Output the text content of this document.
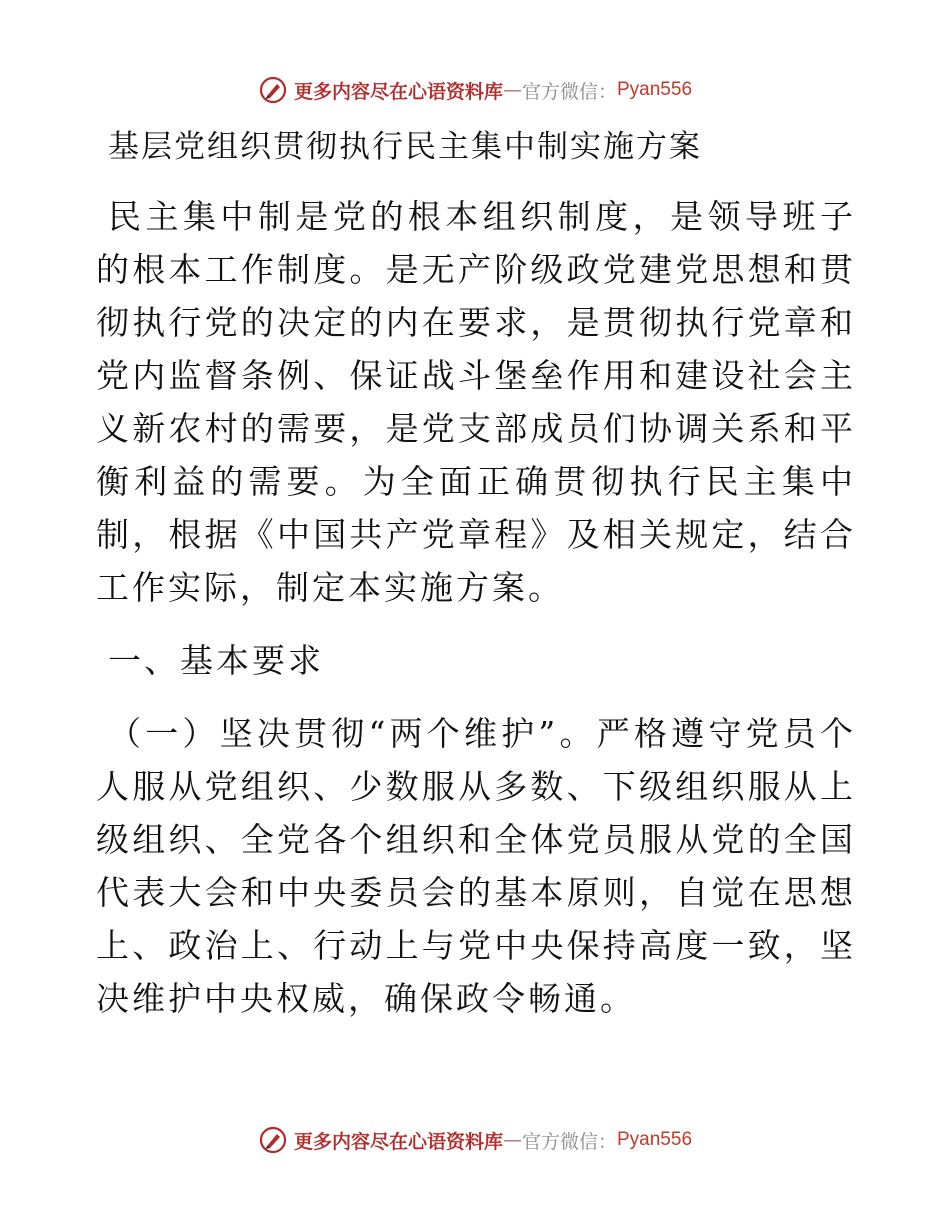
更多内容尽在心语资料库 — 官方微信： Pyan556
基层党组织贯彻执行民主集中制实施方案

民主集中制是党的根本组织制度，是领导班子的根本工作制度。是无产阶级政党建党思想和贯彻执行党的决定的内在要求，是贯彻执行党章和党内监督条例、保证战斗堡垒作用和建设社会主义新农村的需要，是党支部成员们协调关系和平衡利益的需要。为全面正确贯彻执行民主集中制，根据《中国共产党章程》及相关规定，结合工作实际，制定本实施方案。

一、基本要求

（一）坚决贯彻“两个维护”。严格遵守党员个人服从党组织、少数服从多数、下级组织服从上级组织、全党各个组织和全体党员服从党的全国代表大会和中央委员会的基本原则，自觉在思想上、政治上、行动上与党中央保持高度一致，坚决维护中央权威，确保政令畅通。

更多内容尽在心语资料库 — 官方微信： Pyan556
